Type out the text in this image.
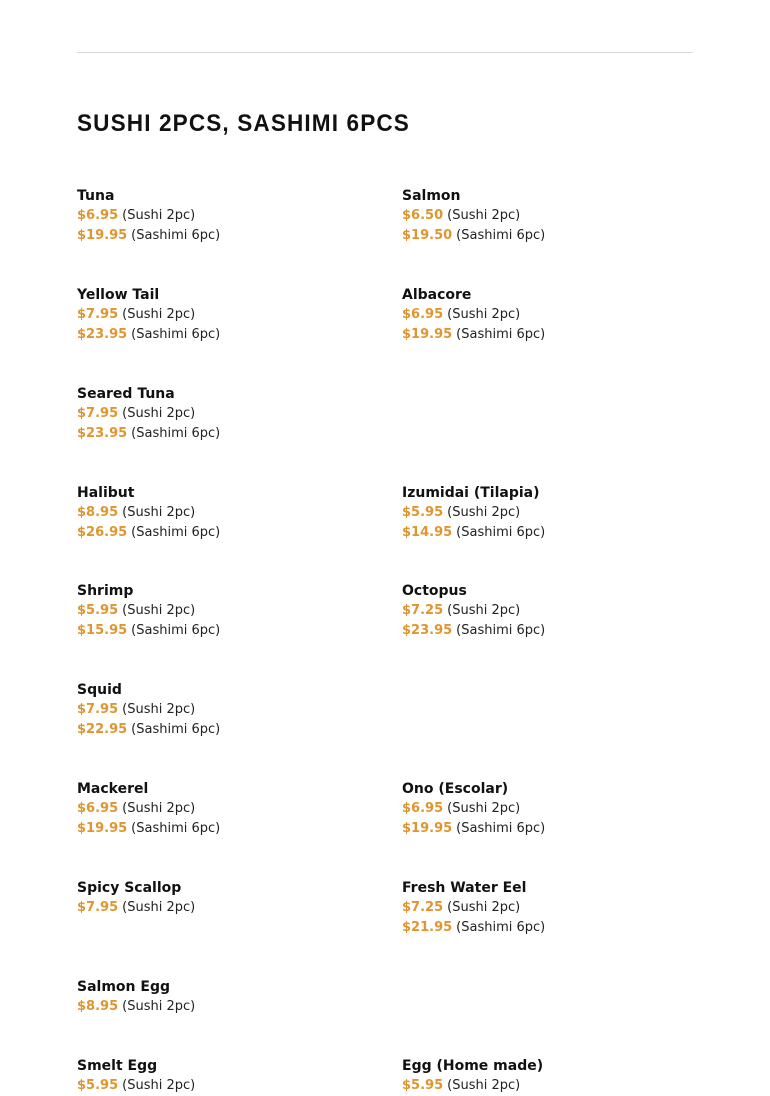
SUSHI 2PCS, SASHIMI 6PCS
Tuna
$6.95 (Sushi 2pc)
$19.95 (Sashimi 6pc)
Salmon
$6.50 (Sushi 2pc)
$19.50 (Sashimi 6pc)
Yellow Tail
$7.95 (Sushi 2pc)
$23.95 (Sashimi 6pc)
Albacore
$6.95 (Sushi 2pc)
$19.95 (Sashimi 6pc)
Seared Tuna
$7.95 (Sushi 2pc)
$23.95 (Sashimi 6pc)
Halibut
$8.95 (Sushi 2pc)
$26.95 (Sashimi 6pc)
Izumidai (Tilapia)
$5.95 (Sushi 2pc)
$14.95 (Sashimi 6pc)
Shrimp
$5.95 (Sushi 2pc)
$15.95 (Sashimi 6pc)
Octopus
$7.25 (Sushi 2pc)
$23.95 (Sashimi 6pc)
Squid
$7.95 (Sushi 2pc)
$22.95 (Sashimi 6pc)
Mackerel
$6.95 (Sushi 2pc)
$19.95 (Sashimi 6pc)
Ono (Escolar)
$6.95 (Sushi 2pc)
$19.95 (Sashimi 6pc)
Spicy Scallop
$7.95 (Sushi 2pc)
Fresh Water Eel
$7.25 (Sushi 2pc)
$21.95 (Sashimi 6pc)
Salmon Egg
$8.95 (Sushi 2pc)
Smelt Egg
$5.95 (Sushi 2pc)
Egg (Home made)
$5.95 (Sushi 2pc)
